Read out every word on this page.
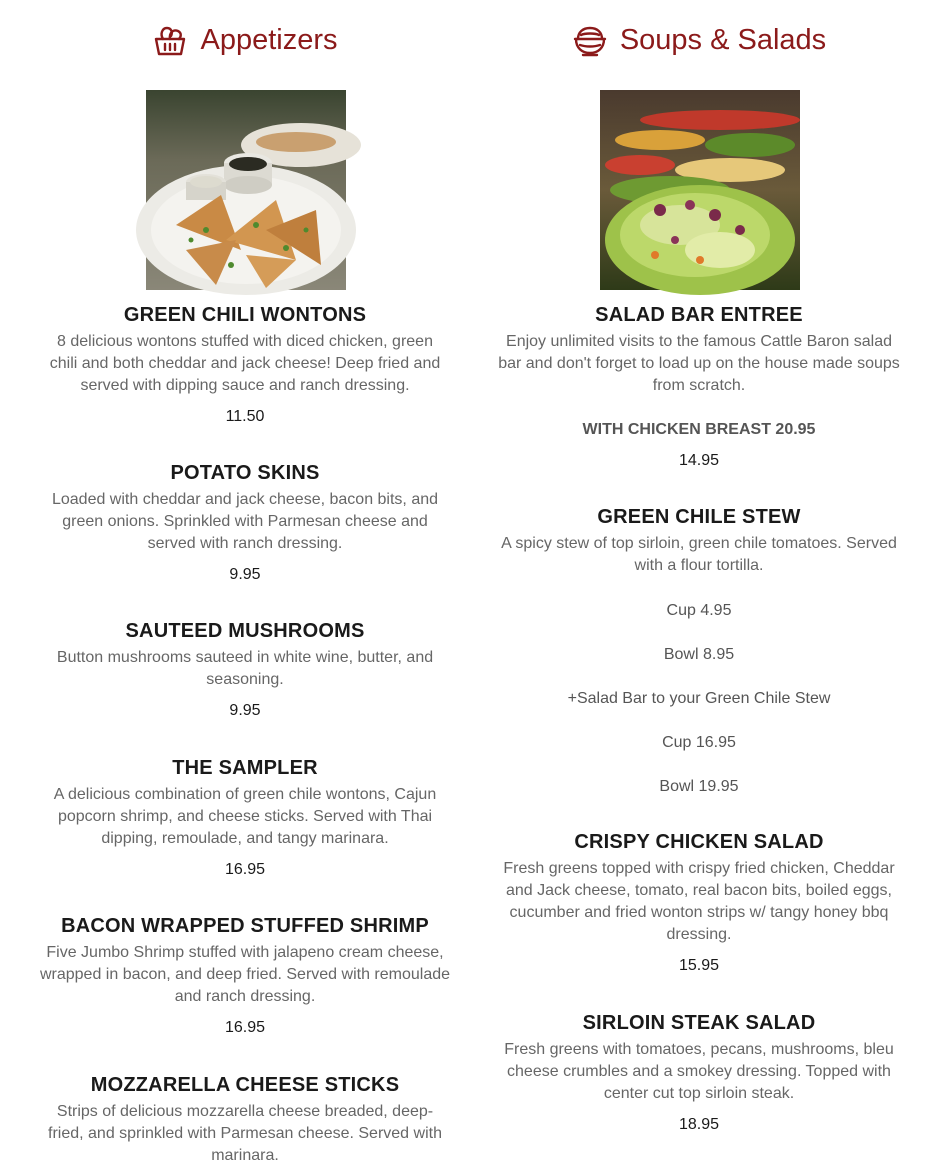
Appetizers
GREEN CHILI WONTONS
8 delicious wontons stuffed with diced chicken, green chili and both cheddar and jack cheese! Deep fried and served with dipping sauce and ranch dressing.
11.50
POTATO SKINS
Loaded with cheddar and jack cheese, bacon bits, and green onions. Sprinkled with Parmesan cheese and served with ranch dressing.
9.95
SAUTEED MUSHROOMS
Button mushrooms sauteed in white wine, butter, and seasoning.
9.95
THE SAMPLER
A delicious combination of green chile wontons, Cajun popcorn shrimp, and cheese sticks. Served with Thai dipping, remoulade, and tangy marinara.
16.95
BACON WRAPPED STUFFED SHRIMP
Five Jumbo Shrimp stuffed with jalapeno cream cheese, wrapped in bacon, and deep fried. Served with remoulade and ranch dressing.
16.95
MOZZARELLA CHEESE STICKS
Strips of delicious mozzarella cheese breaded, deep-fried, and sprinkled with Parmesan cheese. Served with marinara.
Soups & Salads
SALAD BAR ENTREE
Enjoy unlimited visits to the famous Cattle Baron salad bar and don't forget to load up on the house made soups from scratch.
WITH CHICKEN BREAST 20.95
14.95
GREEN CHILE STEW
A spicy stew of top sirloin, green chile tomatoes. Served with a flour tortilla.
Cup 4.95
Bowl 8.95
+Salad Bar to your Green Chile Stew
Cup 16.95
Bowl 19.95
CRISPY CHICKEN SALAD
Fresh greens topped with crispy fried chicken, Cheddar and Jack cheese, tomato, real bacon bits, boiled eggs, cucumber and fried wonton strips w/ tangy honey bbq dressing.
15.95
SIRLOIN STEAK SALAD
Fresh greens with tomatoes, pecans, mushrooms, bleu cheese crumbles and a smokey dressing. Topped with center cut top sirloin steak.
18.95
